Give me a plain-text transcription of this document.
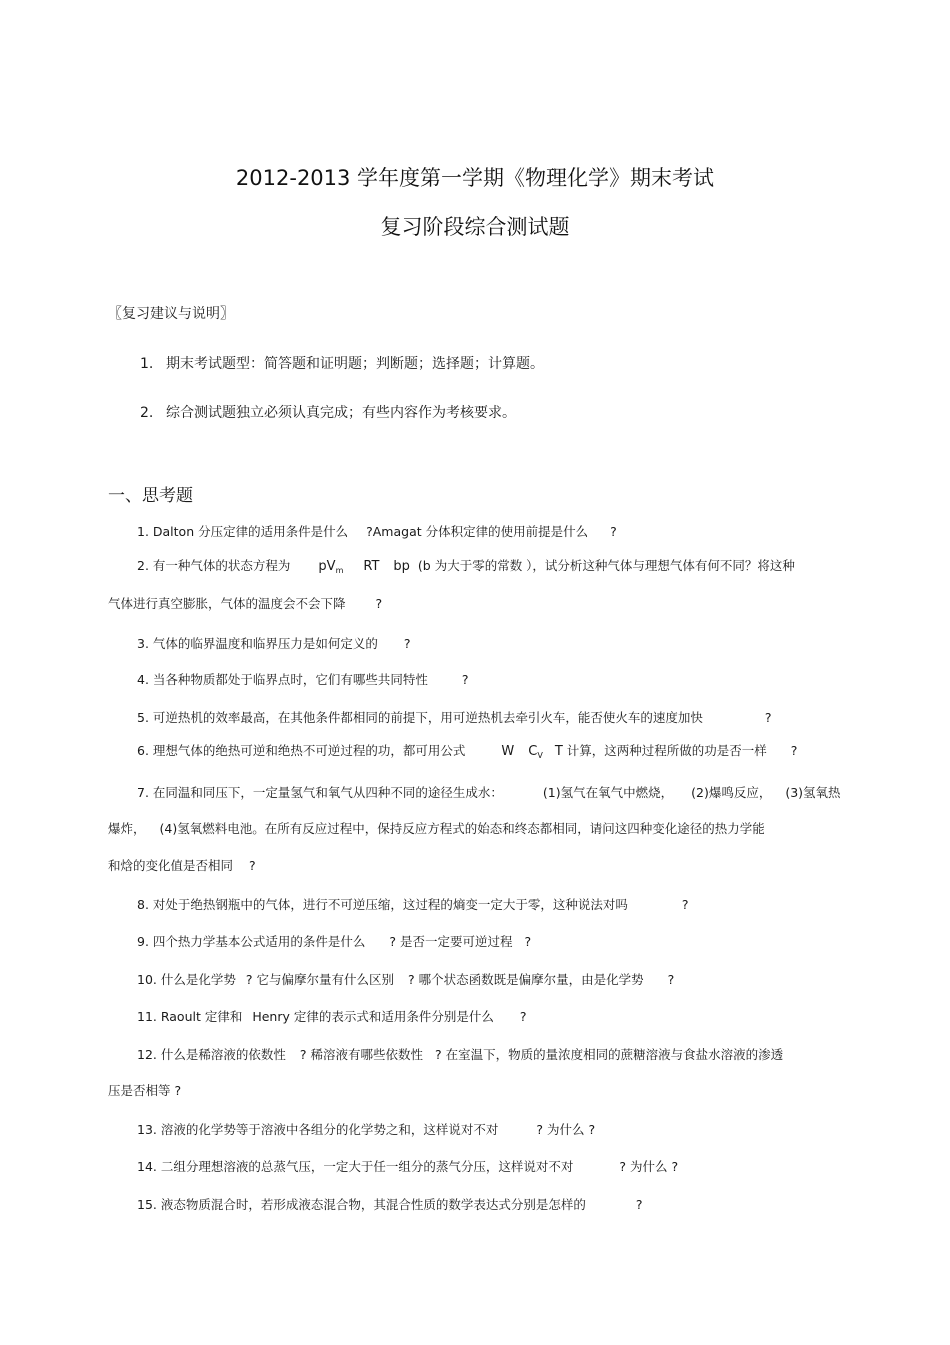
2012-2013 学年度第一学期《物理化学》期末考试
复习阶段综合测试题
〖复习建议与说明〗
1. 期末考试题型：简答题和证明题；判断题；选择题；计算题。
2. 综合测试题独立必须认真完成；有些内容作为考核要求。
一、思考题
1. Dalton 分压定律的适用条件是什么 ?Amagat 分体积定律的使用前提是什么 ?
2. 有一种气体的状态方程为 $pV_m$ RT bp (b 为大于零的常数 ），试分析这种气体与理想气体有何不同？将这种
气体进行真空膨胀，气体的温度会不会下降 ?
3. 气体的临界温度和临界压力是如何定义的 ?
4. 当各种物质都处于临界点时，它们有哪些共同特性	?
5. 可逆热机的效率最高，在其他条件都相同的前提下，用可逆热机去牵引火车，能否使火车的速度加快	?
6. 理想气体的绝热可逆和绝热不可逆过程的功，都可用公式	W $C_V$ T 计算，这两种过程所做的功是否一样 ?
7. 在同温和同压下，一定量氢气和氧气从四种不同的途径生成水：	(1)氢气在氧气中燃烧， (2)爆鸣反应， (3)氢氧热
爆炸， (4)氢氧燃料电池。在所有反应过程中，保持反应方程式的始态和终态都相同，请问这四种变化途径的热力学能
和焓的变化值是否相同 ?
8. 对处于绝热钢瓶中的气体，进行不可逆压缩，这过程的熵变一定大于零，这种说法对吗	?
9. 四个热力学基本公式适用的条件是什么 ? 是否一定要可逆过程 ?
10. 什么是化学势 ? 它与偏摩尔量有什么区别 ? 哪个状态函数既是偏摩尔量，由是化学势 ?
11. Raoult 定律和 Henry 定律的表示式和适用条件分别是什么 ?
12. 什么是稀溶液的依数性 ? 稀溶液有哪些依数性 ? 在室温下，物质的量浓度相同的蔗糖溶液与食盐水溶液的渗透
压是否相等 ?
13. 溶液的化学势等于溶液中各组分的化学势之和，这样说对不对	? 为什么 ?
14. 二组分理想溶液的总蒸气压，一定大于任一组分的蒸气分压，这样说对不对	? 为什么 ?
15. 液态物质混合时，若形成液态混合物，其混合性质的数学表达式分别是怎样的	?
